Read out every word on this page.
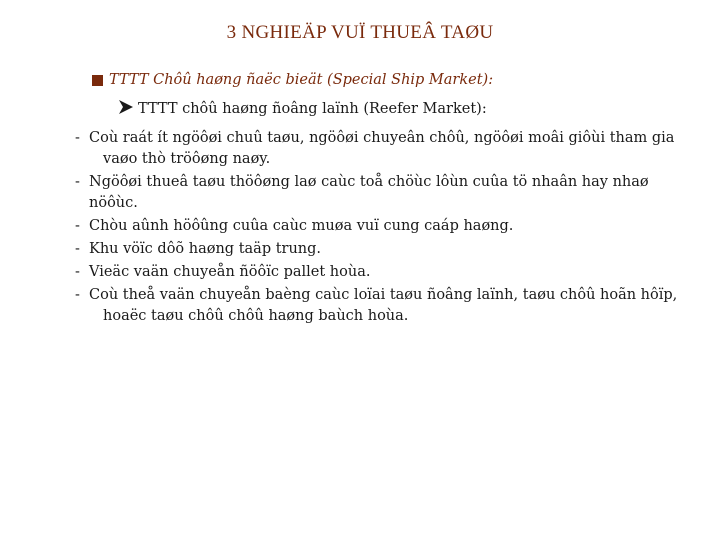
3 NGHIEÄP VUÏ THUEÂ TAØU
TTTT Chôû haøng ñaëc bieät (Special Ship Market):
TTTT chôû haøng ñoâng laïnh (Reefer Market):
- Coù raát ít ngöôøi chuû taøu, ngöôøi chuyeân chôû, ngöôøi moâi giôùi tham gia
vaøo thò tröôøng naøy.
- Ngöôøi thueâ taøu thöôøng laø caùc toå chöùc lôùn cuûa tö nhaân hay nhaø nöôùc.
- Chòu aûnh höôûng cuûa caùc muøa vuï cung caáp haøng.
- Khu vöïc dôõ haøng taäp trung.
- Vieäc vaän chuyeån ñöôïc pallet hoùa.
- Coù theå vaän chuyeån baèng caùc loïai taøu ñoâng laïnh, taøu chôû hoãn hôïp,
hoaëc taøu chôû chôû haøng baùch hoùa.
